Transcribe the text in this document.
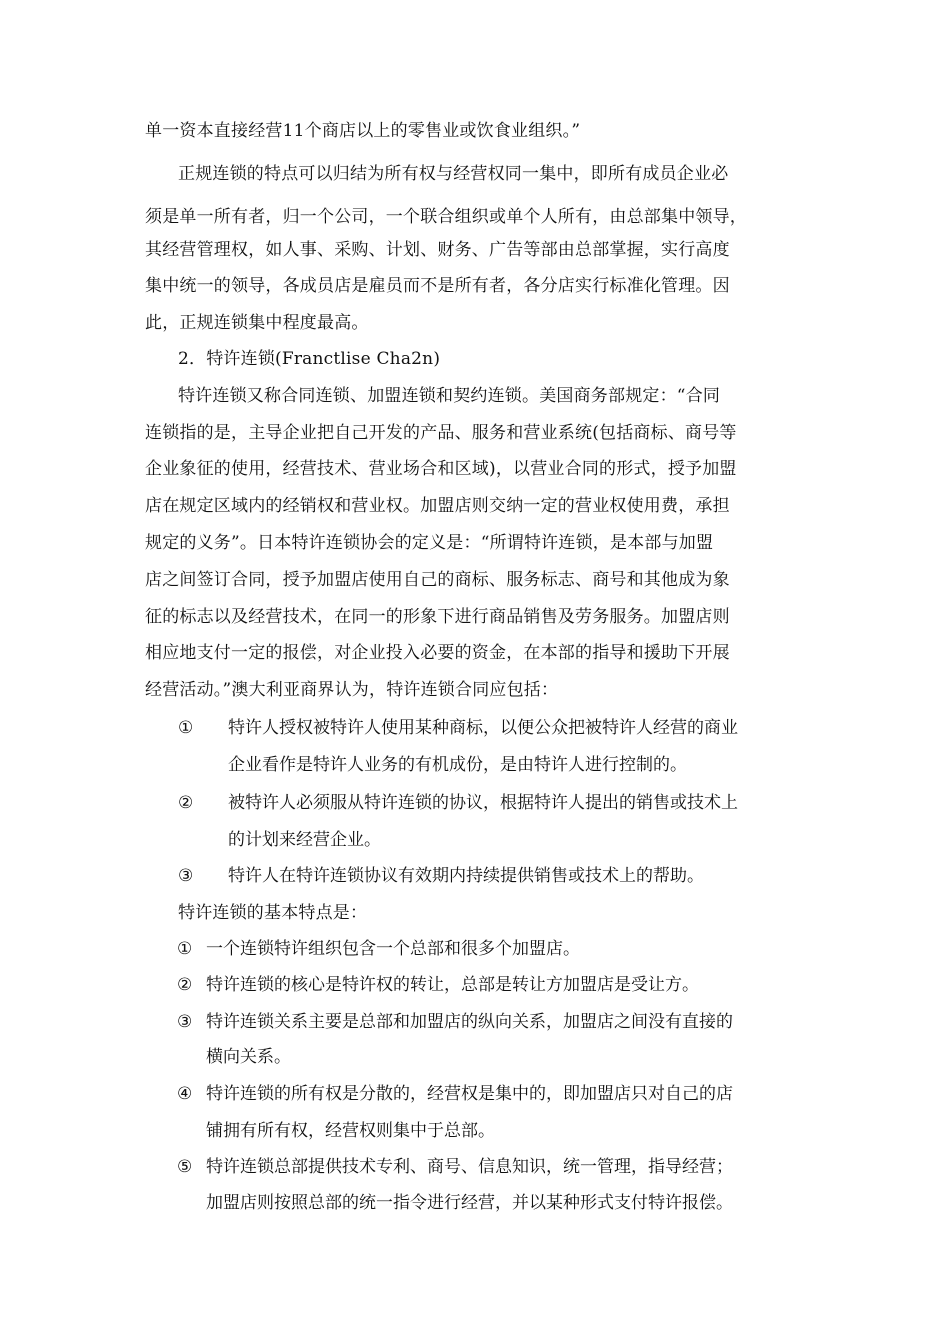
单一资本直接经营11个商店以上的零售业或饮食业组织。”
正规连锁的特点可以归结为所有权与经营权同一集中，即所有成员企业必
须是单一所有者，归一个公司，一个联合组织或单个人所有，由总部集中领导，
其经营管理权，如人事、采购、计划、财务、广告等部由总部掌握，实行高度
集中统一的领导，各成员店是雇员而不是所有者，各分店实行标准化管理。因
此，正规连锁集中程度最高。
2．特许连锁(Franctlise Cha2n)
特许连锁又称合同连锁、加盟连锁和契约连锁。美国商务部规定：“合同
连锁指的是，主导企业把自己开发的产品、服务和营业系统(包括商标、商号等
企业象征的使用，经营技术、营业场合和区域)，以营业合同的形式，授予加盟
店在规定区域内的经销权和营业权。加盟店则交纳一定的营业权使用费，承担
规定的义务”。日本特许连锁协会的定义是：“所谓特许连锁，是本部与加盟
店之间签订合同，授予加盟店使用自己的商标、服务标志、商号和其他成为象
征的标志以及经营技术，在同一的形象下进行商品销售及劳务服务。加盟店则
相应地支付一定的报偿，对企业投入必要的资金，在本部的指导和援助下开展
经营活动。”澳大利亚商界认为，特许连锁合同应包括：
① 特许人授权被特许人使用某种商标，以便公众把被特许人经营的商业
企业看作是特许人业务的有机成份，是由特许人进行控制的。
② 被特许人必须服从特许连锁的协议，根据特许人提出的销售或技术上
的计划来经营企业。
③ 特许人在特许连锁协议有效期内持续提供销售或技术上的帮助。
特许连锁的基本特点是：
① 一个连锁特许组织包含一个总部和很多个加盟店。
② 特许连锁的核心是特许权的转让，总部是转让方加盟店是受让方。
③ 特许连锁关系主要是总部和加盟店的纵向关系，加盟店之间没有直接的
横向关系。
④ 特许连锁的所有权是分散的，经营权是集中的，即加盟店只对自己的店
铺拥有所有权，经营权则集中于总部。
⑤ 特许连锁总部提供技术专利、商号、信息知识，统一管理，指导经营；
加盟店则按照总部的统一指令进行经营，并以某种形式支付特许报偿。
